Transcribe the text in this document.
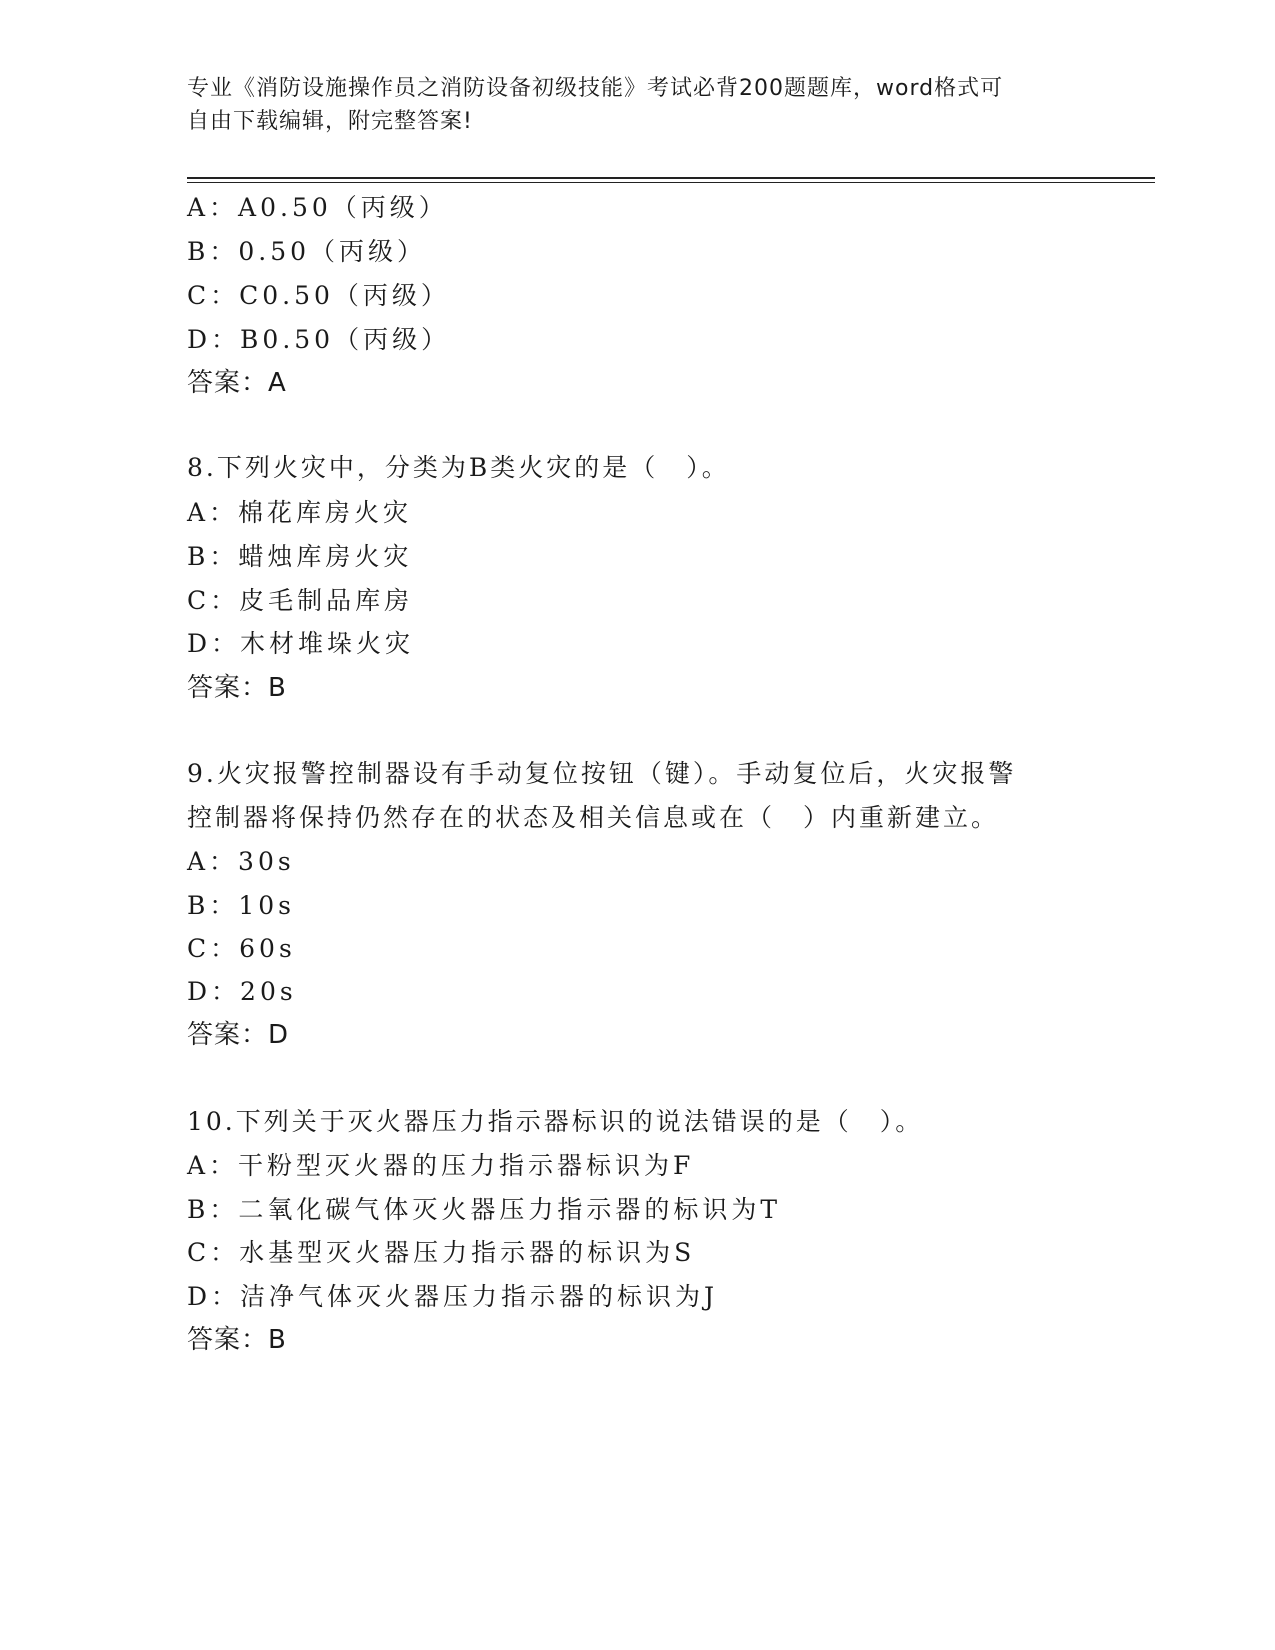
专业《消防设施操作员之消防设备初级技能》考试必背200题题库，word格式可
自由下载编辑，附完整答案!
A：A0.50（丙级）
B：0.50（丙级）
C：C0.50（丙级）
D：B0.50（丙级）
答案：A
8.下列火灾中，分类为B类火灾的是（　）。
A：棉花库房火灾
B：蜡烛库房火灾
C：皮毛制品库房
D：木材堆垛火灾
答案：B
9.火灾报警控制器设有手动复位按钮（键）。手动复位后，火灾报警
控制器将保持仍然存在的状态及相关信息或在（　）内重新建立。
A：30s
B：10s
C：60s
D：20s
答案：D
10.下列关于灭火器压力指示器标识的说法错误的是（　）。
A：干粉型灭火器的压力指示器标识为F
B：二氧化碳气体灭火器压力指示器的标识为T
C：水基型灭火器压力指示器的标识为S
D：洁净气体灭火器压力指示器的标识为J
答案：B
